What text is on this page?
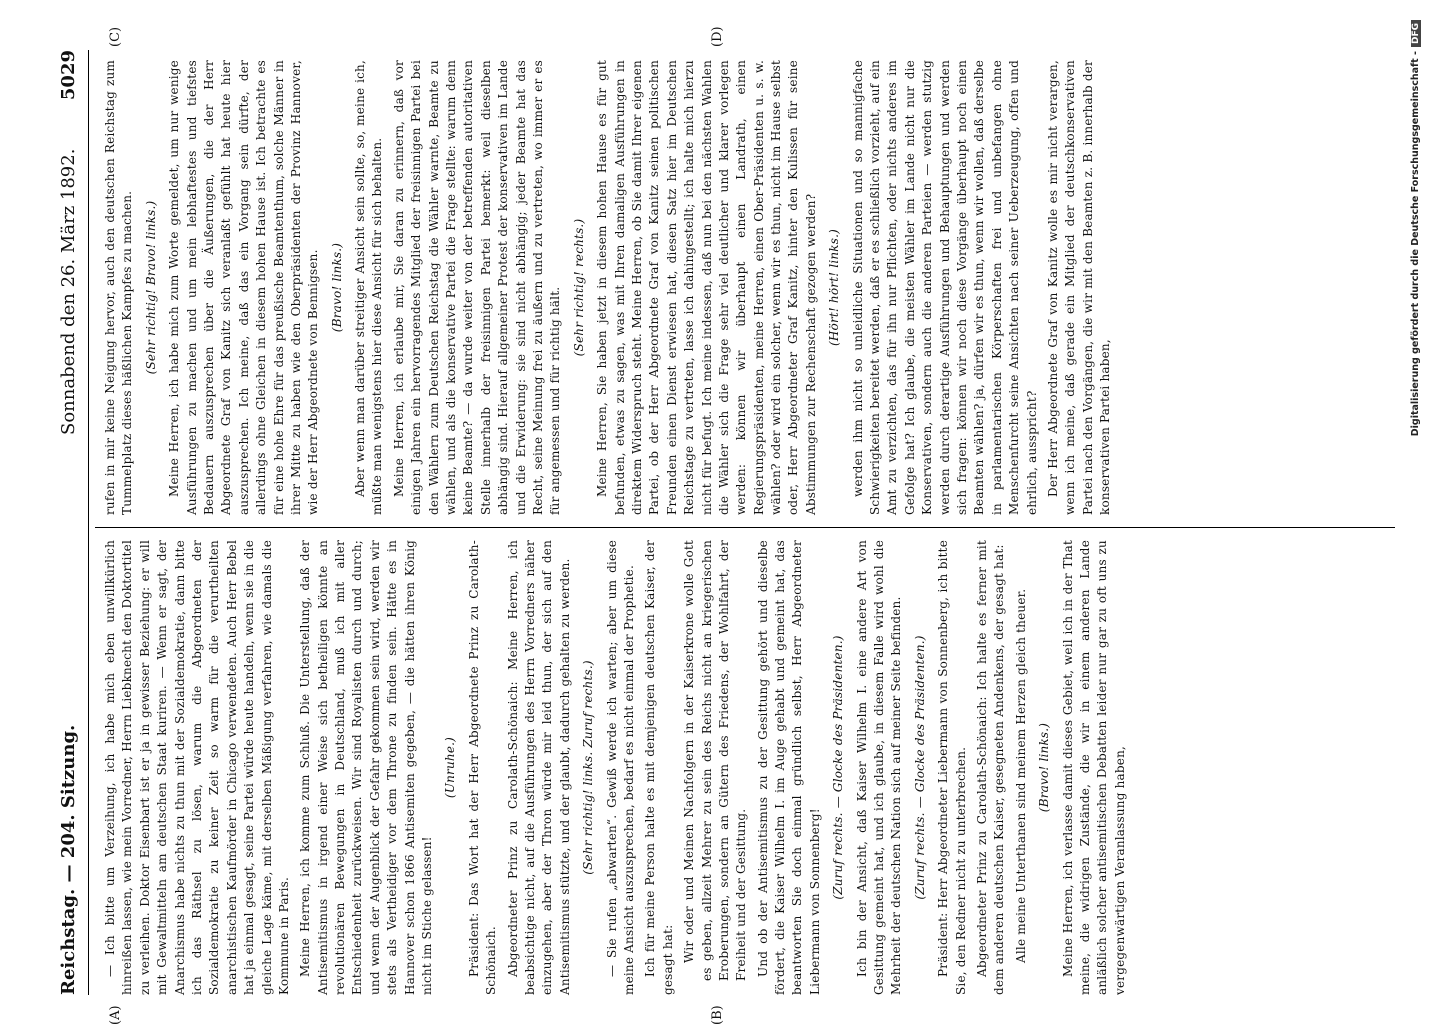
Reichstag. — 204. Sitzung.
Sonnabend den 26. März 1892.
5029
(A)	(B)
(C)	(D)

— Ich bitte um Verzeihung, ich habe mich eben unwillkürlich hinreißen lassen, wie mein Vorredner, Herrn Liebknecht den Doktortitel zu verleihen. Doktor Eisenbart ist er ja in gewisser Beziehung: er will mit Gewaltmitteln am deutschen Staat kuriren. — Wenn er sagt, der Anarchismus habe nichts zu thun mit der Sozialdemokratie, dann bitte ich das Räthsel zu lösen, warum die Abgeordneten der Sozialdemokratie zu keiner Zeit so warm für die verurtheilten anarchistischen Kaufmörder in Chicago verwendeten. Auch Herr Bebel hat ja einmal gesagt, seine Partei würde heute handeln, wenn sie in die gleiche Lage käme, mit derselben Mäßigung verfahren, wie damals die Kommune in Paris. Meine Herren, ich komme zum Schluß. Die Unterstellung, daß der Antisemitismus in irgend einer Weise sich betheiligen könnte an revolutionären Bewegungen in Deutschland, muß ich mit aller Entschiedenheit zurückweisen. Wir sind Royalisten durch und durch; und wenn der Augenblick der Gefahr gekommen sein wird, werden wir stets als Vertheidiger vor dem Throne zu finden sein. Hätte es in Hannover schon 1866 Antisemiten gegeben, — die hätten ihren König nicht im Stiche gelassen!

(Unruhe.) Präsident: Das Wort hat der Herr Abgeordnete Prinz zu Carolath-Schönaich. Abgeordneter Prinz zu Carolath-Schönaich: Meine Herren, ich beabsichtige nicht, auf die Ausführungen des Herrn Vorredners näher einzugehen, aber der Thron würde mir leid thun, der sich auf den Antisemitismus stützte, und der glaubt, dadurch gehalten zu werden. (Sehr richtig! links. Zuruf rechts.) — Sie rufen „abwarten“. Gewiß werde ich warten; aber um diese meine Ansicht auszusprechen, bedarf es nicht einmal der Prophetie. Ich für meine Person halte es mit demjenigen deutschen Kaiser, der gesagt hat: Wir oder und Meinen Nachfolgern in der Kaiserkrone wolle Gott es geben, allzeit Mehrer zu sein des Reichs nicht an kriegerischen Eroberungen, sondern an Gütern des Friedens, der Wohlfahrt, der Freiheit und der Gesittung. Und ob der Antisemitismus zu der Gesittung gehört und dieselbe fördert, die Kaiser Wilhelm I. im Auge gehabt und gemeint hat, das beantworten Sie doch einmal gründlich selbst, Herr Abgeordneter Liebermann von Sonnenberg!

(Zuruf rechts. — Glocke des Präsidenten.) Ich bin der Ansicht, daß Kaiser Wilhelm I. eine andere Art von Gesittung gemeint hat, und ich glaube, in diesem Falle wird wohl die Mehrheit der deutschen Nation sich auf meiner Seite befinden. (Zuruf rechts. — Glocke des Präsidenten.) Präsident: Herr Abgeordneter Liebermann von Sonnenberg, ich bitte Sie, den Redner nicht zu unterbrechen. Abgeordneter Prinz zu Carolath-Schönaich: Ich halte es ferner mit dem anderen deutschen Kaiser, gesegneten Andenkens, der gesagt hat: Alle meine Unterthanen sind meinem Herzen gleich theuer. (Bravo! links.) Meine Herren, ich verlasse damit dieses Gebiet, weil ich in der That meine, die widrigen Zustände, die wir in einem anderen Lande anläßlich solcher antisemitischen Debatten leider nur gar zu oft uns zu vergegenwärtigen Veranlassung haben,

rufen in mir keine Neigung hervor, auch den deutschen Reichstag zum Tummelplatz dieses häßlichen Kampfes zu machen. (Sehr richtig! Bravo! links.) Meine Herren, ich habe mich zum Worte gemeldet, um nur wenige Ausführungen zu machen und um mein lebhaftestes und tiefstes Bedauern auszusprechen über die Äußerungen, die der Herr Abgeordnete Graf von Kanitz sich veranlaßt gefühlt hat heute hier auszusprechen. Ich meine, daß das ein Vorgang sein dürfte, der allerdings ohne Gleichen in diesem hohen Hause ist. Ich betrachte es für eine hohe Ehre für das preußische Beamtenthum, solche Männer in ihrer Mitte zu haben wie den Oberpräsidenten der Provinz Hannover, wie der Herr Abgeordnete von Bennigsen. (Bravo! links.) Aber wenn man darüber streitiger Ansicht sein sollte, so, meine ich, müßte man wenigstens hier diese Ansicht für sich behalten. Meine Herren, ich erlaube mir, Sie daran zu erinnern, daß vor einigen Jahren ein hervorragendes Mitglied der freisinnigen Partei bei den Wählern zum Deutschen Reichstag die Wähler warnte, Beamte zu wählen, und als die konservative Partei die Frage stellte: warum denn keine Beamte? — da wurde weiter von der betreffenden autoritativen Stelle innerhalb der freisinnigen Partei bemerkt: weil dieselben abhängig sind. Hierauf allgemeiner Protest der konservativen im Lande und die Erwiderung: sie sind nicht abhängig; jeder Beamte hat das Recht, seine Meinung frei zu äußern und zu vertreten, wo immer er es für angemessen und für richtig hält. (Sehr richtig! rechts.) Meine Herren, Sie haben jetzt in diesem hohen Hause es für gut befunden, etwas zu sagen, was mit Ihren damaligen Ausführungen in direktem Widerspruch steht. Meine Herren, ob Sie damit Ihrer eigenen Partei, ob der Herr Abgeordnete Graf von Kanitz seinen politischen Freunden einen Dienst erwiesen hat, diesen Satz hier im Deutschen Reichstage zu vertreten, lasse ich dahingestellt; ich halte mich hierzu nicht für befugt. Ich meine indessen, daß nun bei den nächsten Wahlen die Wähler sich die Frage sehr viel deutlicher und klarer vorlegen werden: können wir überhaupt einen Landrath, einen Regierungspräsidenten, meine Herren, einen Ober-Präsidenten u. s. w. wählen? oder wird ein solcher, wenn wir es thun, nicht im Hause selbst oder, Herr Abgeordneter Graf Kanitz, hinter den Kulissen für seine Abstimmungen zur Rechenschaft gezogen werden? (Hört! hört! links.) werden ihm nicht so unleidliche Situationen und so mannigfache Schwierigkeiten bereitet werden, daß er es schließlich vorzieht, auf ein Amt zu verzichten, das für ihn nur Pflichten, oder nichts anderes im Gefolge hat? Ich glaube, die meisten Wähler im Lande nicht nur die Konservativen, sondern auch die anderen Parteien — werden stutzig werden durch derartige Ausführungen und Behauptungen und werden sich fragen: können wir noch diese Vorgänge überhaupt noch einen Beamten wählen? ja, dürfen wir es thun, wenn wir wollen, daß derselbe in parlamentarischen Körperschaften frei und unbefangen ohne Menschenfurcht seine Ansichten nach seiner Ueberzeugung, offen und ehrlich, ausspricht? Der Herr Abgeordnete Graf von Kanitz wolle es mir nicht verargen, wenn ich meine, daß gerade ein Mitglied der deutschkonservativen Partei nach den Vorgängen, die wir mit den Beamten z. B. innerhalb der konservativen Partei haben,	Digitalisierung gefördert durch die Deutsche Forschungsgemeinschaft -DFG
